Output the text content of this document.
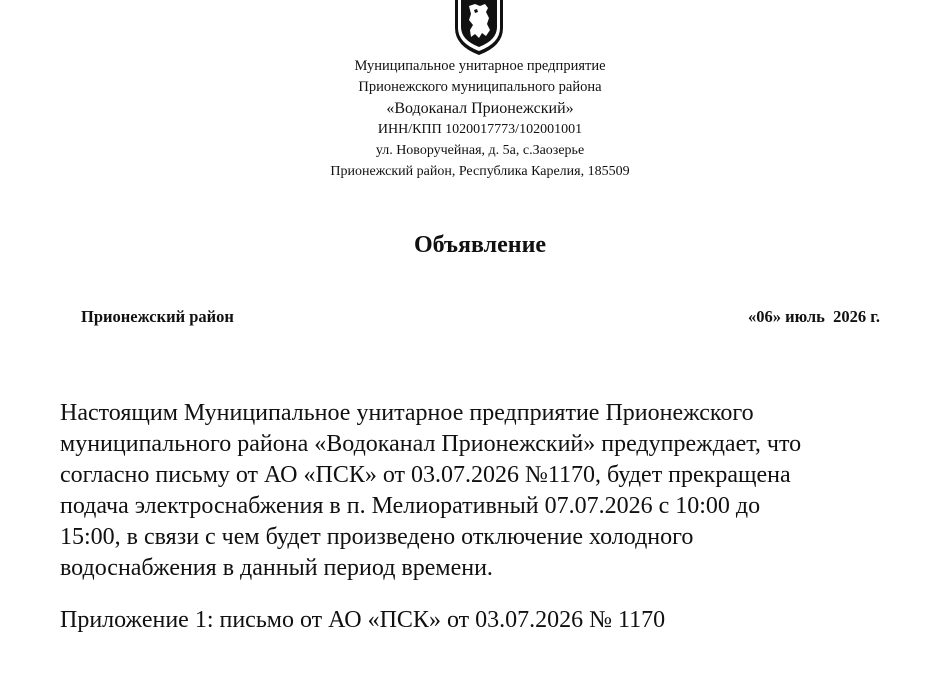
Муниципальное унитарное предприятие
Прионежского муниципального района
«Водоканал Прионежский»
ИНН/КПП 1020017773/102001001
ул. Новоручейная, д. 5а, с.Заозерье
Прионежский район, Республика Карелия, 185509
Объявление
Прионежский район	«06» июль  2026 г.
Настоящим Муниципальное унитарное предприятие Прионежского
муниципального района «Водоканал Прионежский» предупреждает, что
согласно письму от АО «ПСК» от 03.07.2026 №1170, будет прекращена
подача электроснабжения в п. Мелиоративный 07.07.2026 с 10:00 до
15:00, в связи с чем будет произведено отключение холодного
водоснабжения в данный период времени.
Приложение 1: письмо от АО «ПСК» от 03.07.2026 № 1170
